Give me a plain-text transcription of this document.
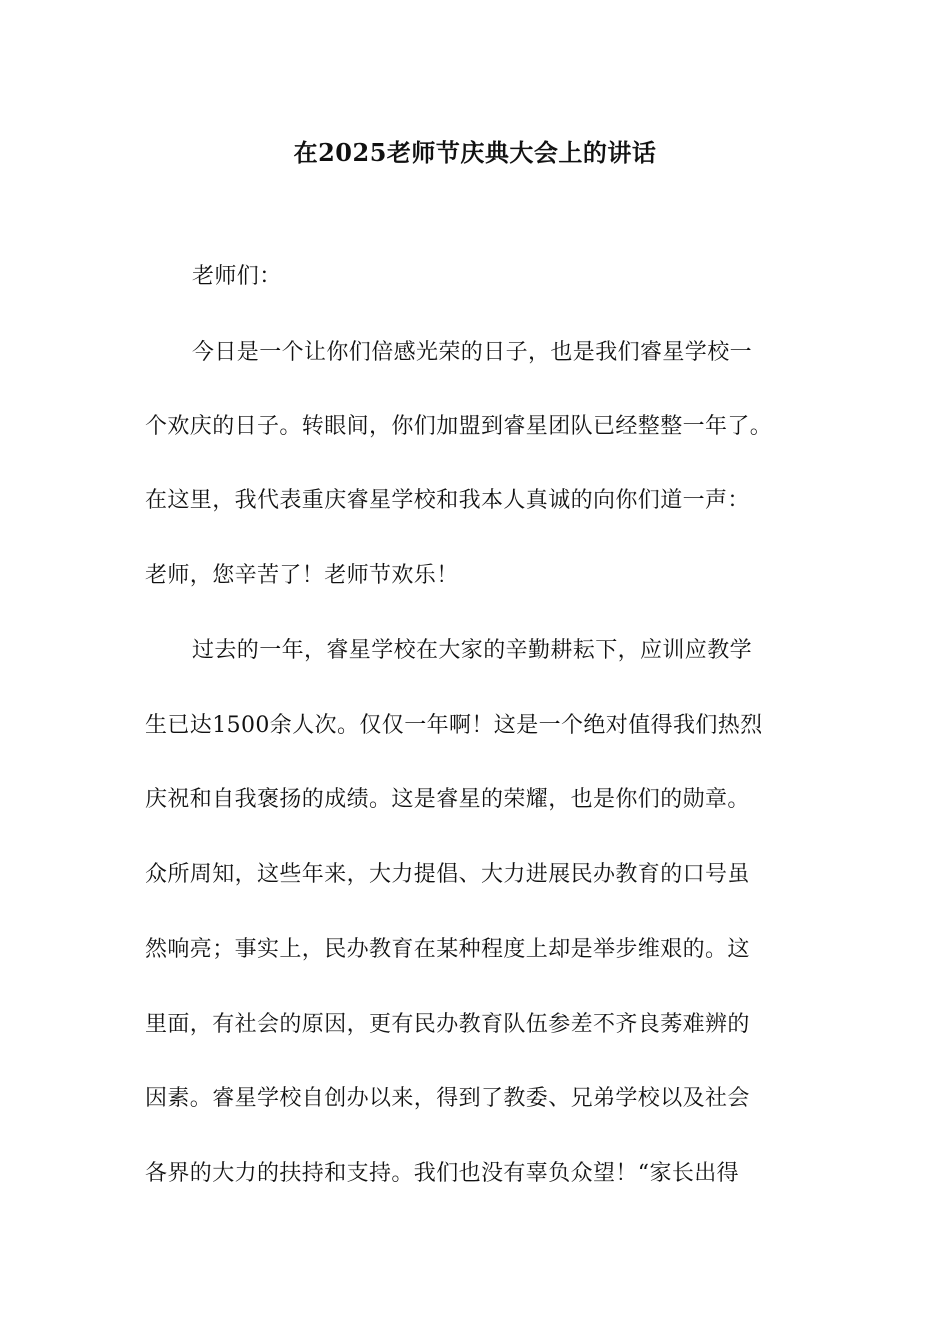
在2025老师节庆典大会上的讲话
老师们：
今日是一个让你们倍感光荣的日子，也是我们睿星学校一
个欢庆的日子。转眼间，你们加盟到睿星团队已经整整一年了。
在这里，我代表重庆睿星学校和我本人真诚的向你们道一声：
老师，您辛苦了！老师节欢乐！
过去的一年，睿星学校在大家的辛勤耕耘下，应训应教学
生已达1500余人次。仅仅一年啊！这是一个绝对值得我们热烈
庆祝和自我褒扬的成绩。这是睿星的荣耀，也是你们的勋章。
众所周知，这些年来，大力提倡、大力进展民办教育的口号虽
然响亮；事实上，民办教育在某种程度上却是举步维艰的。这
里面，有社会的原因，更有民办教育队伍参差不齐良莠难辨的
因素。睿星学校自创办以来，得到了教委、兄弟学校以及社会
各界的大力的扶持和支持。我们也没有辜负众望！“家长出得
